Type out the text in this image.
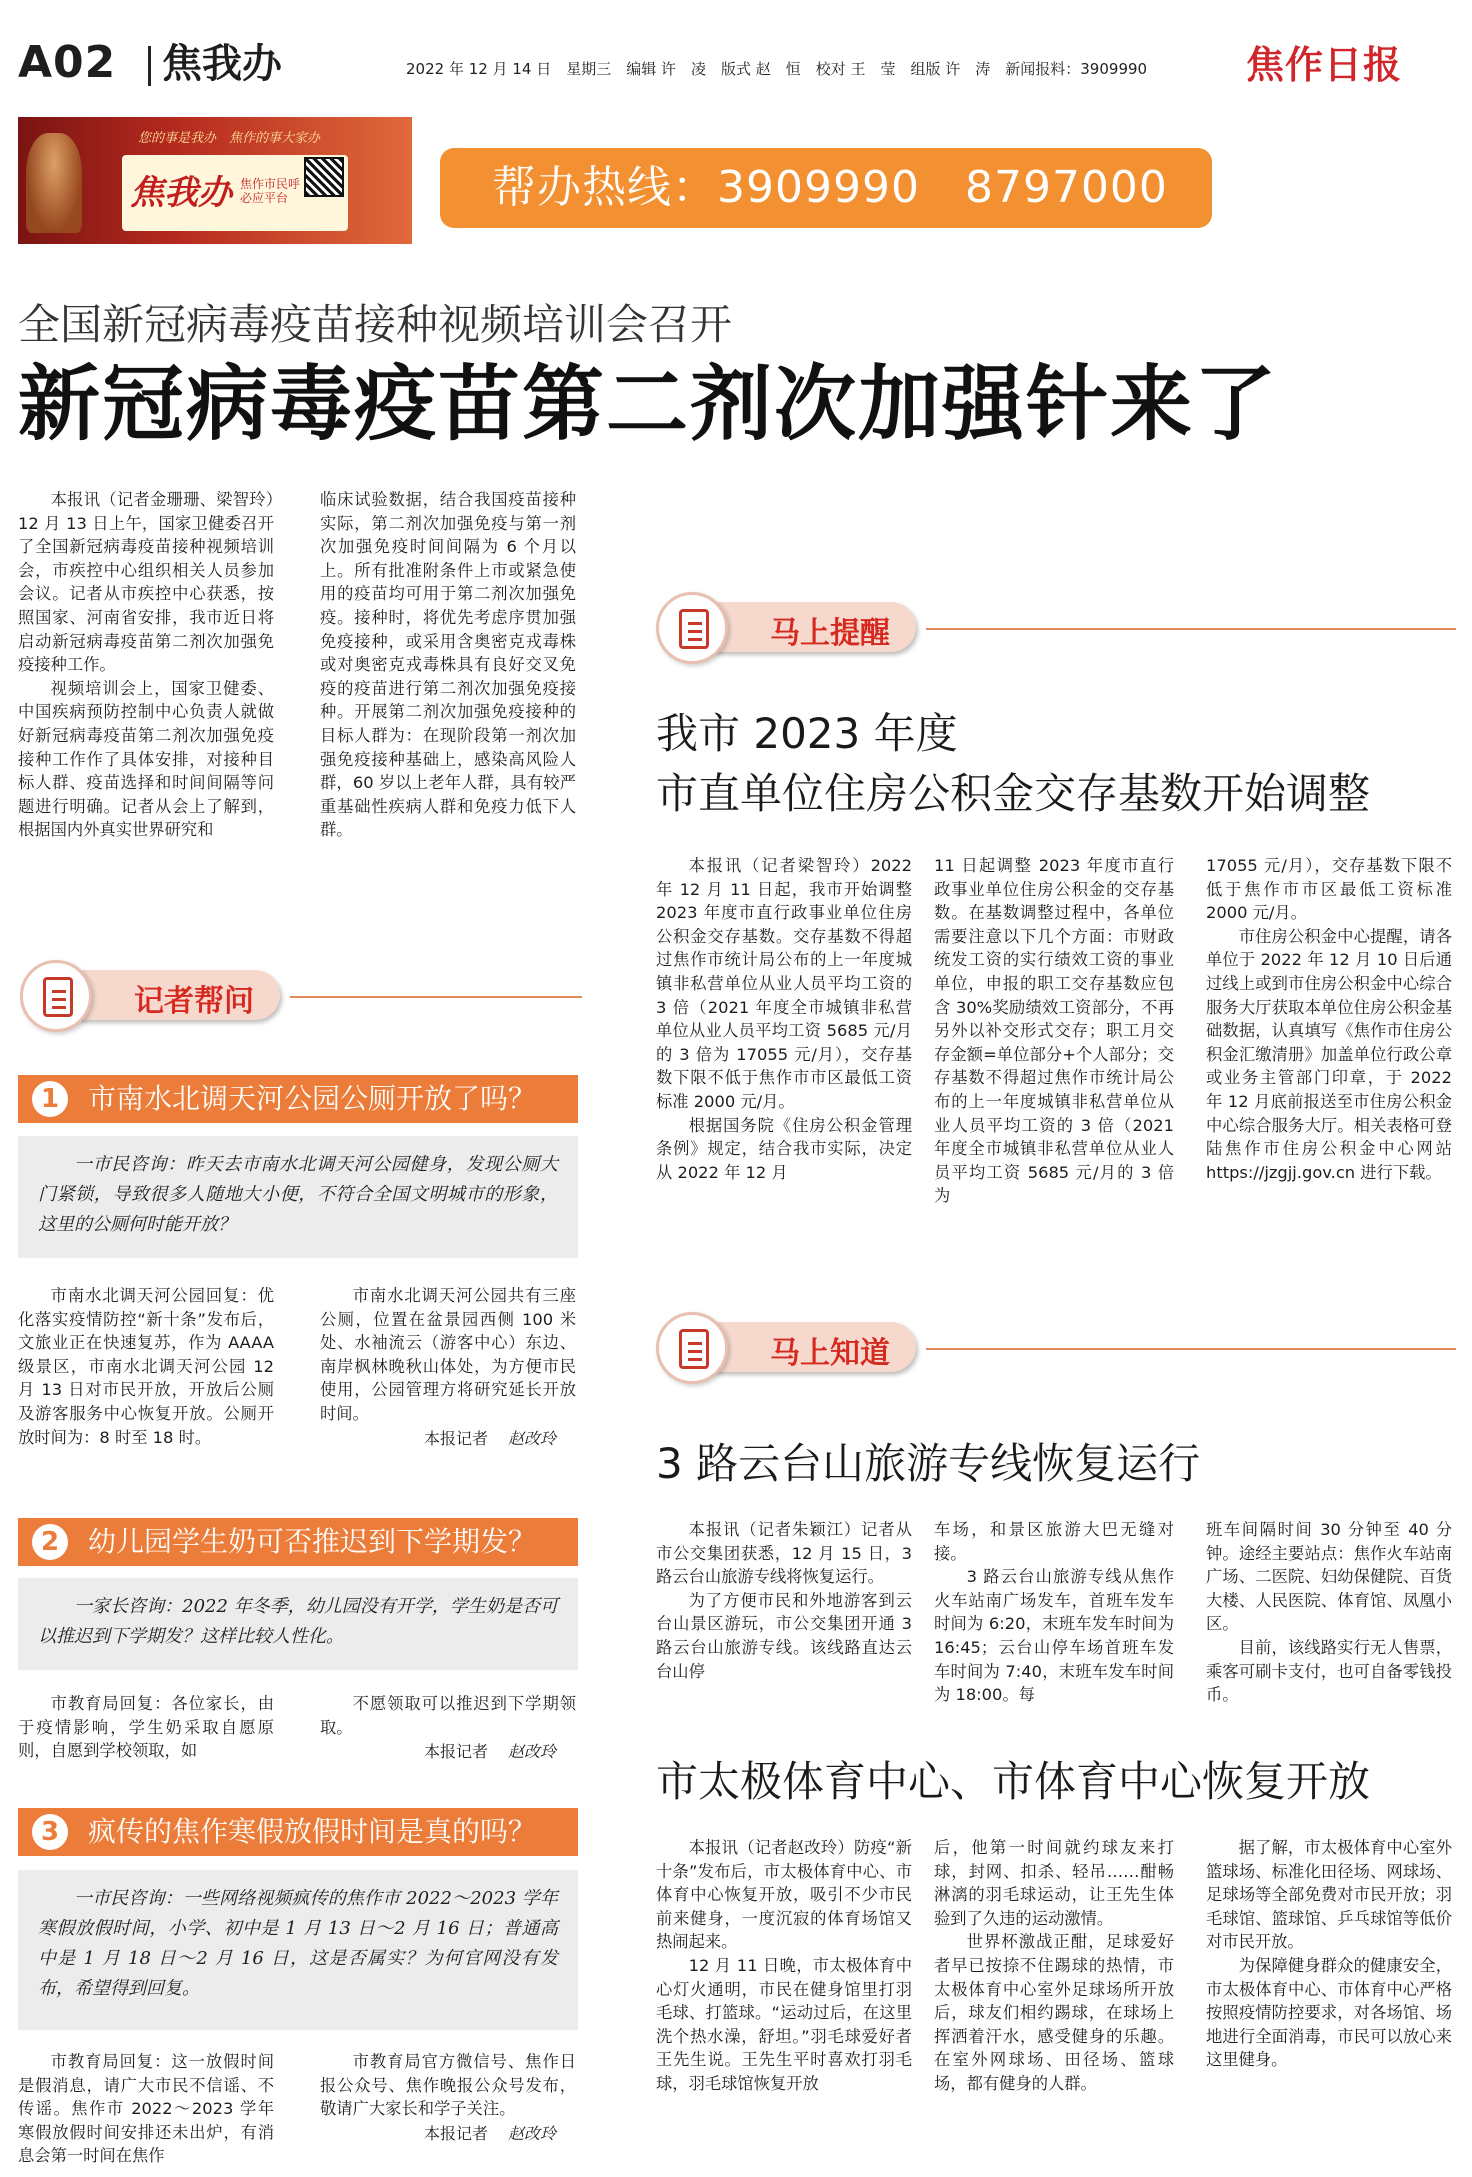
A02 焦我办	2022 年 12 月 14 日　星期三　编辑 许　凌　版式 赵　恒　校对 王　莹　组版 许　涛　新闻报料：3909990	焦作日报
您的事是我办　焦作的事大家办
焦我办 焦作市民呼必应平台	帮办热线：3909990　8797000
全国新冠病毒疫苗接种视频培训会召开
新冠病毒疫苗第二剂次加强针来了

本报讯（记者金珊珊、梁智玲）12 月 13 日上午，国家卫健委召开了全国新冠病毒疫苗接种视频培训会，市疾控中心组织相关人员参加会议。记者从市疾控中心获悉，按照国家、河南省安排，我市近日将启动新冠病毒疫苗第二剂次加强免疫接种工作。

视频培训会上，国家卫健委、中国疾病预防控制中心负责人就做好新冠病毒疫苗第二剂次加强免疫接种工作作了具体安排，对接种目标人群、疫苗选择和时间间隔等问题进行明确。记者从会上了解到，根据国内外真实世界研究和

临床试验数据，结合我国疫苗接种实际，第二剂次加强免疫与第一剂次加强免疫时间间隔为 6 个月以上。所有批准附条件上市或紧急使用的疫苗均可用于第二剂次加强免疫。接种时，将优先考虑序贯加强免疫接种，或采用含奥密克戎毒株或对奥密克戎毒株具有良好交叉免疫的疫苗进行第二剂次加强免疫接种。开展第二剂次加强免疫接种的目标人群为：在现阶段第一剂次加强免疫接种基础上，感染高风险人群，60 岁以上老年人群，具有较严重基础性疾病人群和免疫力低下人群。

记者帮问
1	市南水北调天河公园公厕开放了吗？

一市民咨询：昨天去市南水北调天河公园健身，发现公厕大门紧锁，导致很多人随地大小便，不符合全国文明城市的形象，这里的公厕何时能开放？

市南水北调天河公园回复：优化落实疫情防控“新十条”发布后，文旅业正在快速复苏，作为 AAAA 级景区，市南水北调天河公园 12 月 13 日对市民开放，开放后公厕及游客服务中心恢复开放。公厕开放时间为：8 时至 18 时。

市南水北调天河公园共有三座公厕，位置在盆景园西侧 100 米处、水袖流云（游客中心）东边、南岸枫林晚秋山体处，为方便市民使用，公园管理方将研究延长开放时间。

本报记者 赵改玲
2	幼儿园学生奶可否推迟到下学期发？

一家长咨询：2022 年冬季，幼儿园没有开学，学生奶是否可以推迟到下学期发？这样比较人性化。

市教育局回复：各位家长，由于疫情影响，学生奶采取自愿原则，自愿到学校领取，如

不愿领取可以推迟到下学期领取。

本报记者 赵改玲
3	疯传的焦作寒假放假时间是真的吗？

一市民咨询：一些网络视频疯传的焦作市 2022～2023 学年寒假放假时间，小学、初中是 1 月 13 日～2 月 16 日；普通高中是 1 月 18 日～2 月 16 日，这是否属实？为何官网没有发布，希望得到回复。

市教育局回复：这一放假时间是假消息，请广大市民不信谣、不传谣。焦作市 2022～2023 学年寒假放假时间安排还未出炉，有消息会第一时间在焦作

市教育局官方微信号、焦作日报公众号、焦作晚报公众号发布，敬请广大家长和学子关注。

本报记者 赵改玲
马上提醒
我市 2023 年度
市直单位住房公积金交存基数开始调整

本报讯（记者梁智玲）2022 年 12 月 11 日起，我市开始调整 2023 年度市直行政事业单位住房公积金交存基数。交存基数不得超过焦作市统计局公布的上一年度城镇非私营单位从业人员平均工资的 3 倍（2021 年度全市城镇非私营单位从业人员平均工资 5685 元/月的 3 倍为 17055 元/月），交存基数下限不低于焦作市市区最低工资标准 2000 元/月。

根据国务院《住房公积金管理条例》规定，结合我市实际，决定从 2022 年 12 月

11 日起调整 2023 年度市直行政事业单位住房公积金的交存基数。在基数调整过程中，各单位需要注意以下几个方面：市财政统发工资的实行绩效工资的事业单位，申报的职工交存基数应包含 30%奖励绩效工资部分，不再另外以补交形式交存；职工月交存金额=单位部分+个人部分；交存基数不得超过焦作市统计局公布的上一年度城镇非私营单位从业人员平均工资的 3 倍（2021 年度全市城镇非私营单位从业人员平均工资 5685 元/月的 3 倍为

17055 元/月），交存基数下限不低于焦作市市区最低工资标准 2000 元/月。

市住房公积金中心提醒，请各单位于 2022 年 12 月 10 日后通过线上或到市住房公积金中心综合服务大厅获取本单位住房公积金基础数据，认真填写《焦作市住房公积金汇缴清册》加盖单位行政公章或业务主管部门印章，于 2022 年 12 月底前报送至市住房公积金中心综合服务大厅。相关表格可登陆焦作市住房公积金中心网站 https://jzgjj.gov.cn 进行下载。

马上知道
3 路云台山旅游专线恢复运行

本报讯（记者朱颖江）记者从市公交集团获悉，12 月 15 日，3 路云台山旅游专线将恢复运行。

为了方便市民和外地游客到云台山景区游玩，市公交集团开通 3 路云台山旅游专线。该线路直达云台山停

车场，和景区旅游大巴无缝对接。

3 路云台山旅游专线从焦作火车站南广场发车，首班车发车时间为 6:20，末班车发车时间为 16:45；云台山停车场首班车发车时间为 7:40，末班车发车时间为 18:00。每

班车间隔时间 30 分钟至 40 分钟。途经主要站点：焦作火车站南广场、二医院、妇幼保健院、百货大楼、人民医院、体育馆、凤凰小区。

目前，该线路实行无人售票，乘客可刷卡支付，也可自备零钱投币。

市太极体育中心、市体育中心恢复开放

本报讯（记者赵改玲）防疫“新十条”发布后，市太极体育中心、市体育中心恢复开放，吸引不少市民前来健身，一度沉寂的体育场馆又热闹起来。

12 月 11 日晚，市太极体育中心灯火通明，市民在健身馆里打羽毛球、打篮球。“运动过后，在这里洗个热水澡，舒坦。”羽毛球爱好者王先生说。王先生平时喜欢打羽毛球，羽毛球馆恢复开放

后，他第一时间就约球友来打球，封网、扣杀、轻吊……酣畅淋漓的羽毛球运动，让王先生体验到了久违的运动激情。

世界杯激战正酣，足球爱好者早已按捺不住踢球的热情，市太极体育中心室外足球场所开放后，球友们相约踢球，在球场上挥洒着汗水，感受健身的乐趣。在室外网球场、田径场、篮球场，都有健身的人群。

据了解，市太极体育中心室外篮球场、标准化田径场、网球场、足球场等全部免费对市民开放；羽毛球馆、篮球馆、乒乓球馆等低价对市民开放。

为保障健身群众的健康安全，市太极体育中心、市体育中心严格按照疫情防控要求，对各场馆、场地进行全面消毒，市民可以放心来这里健身。
